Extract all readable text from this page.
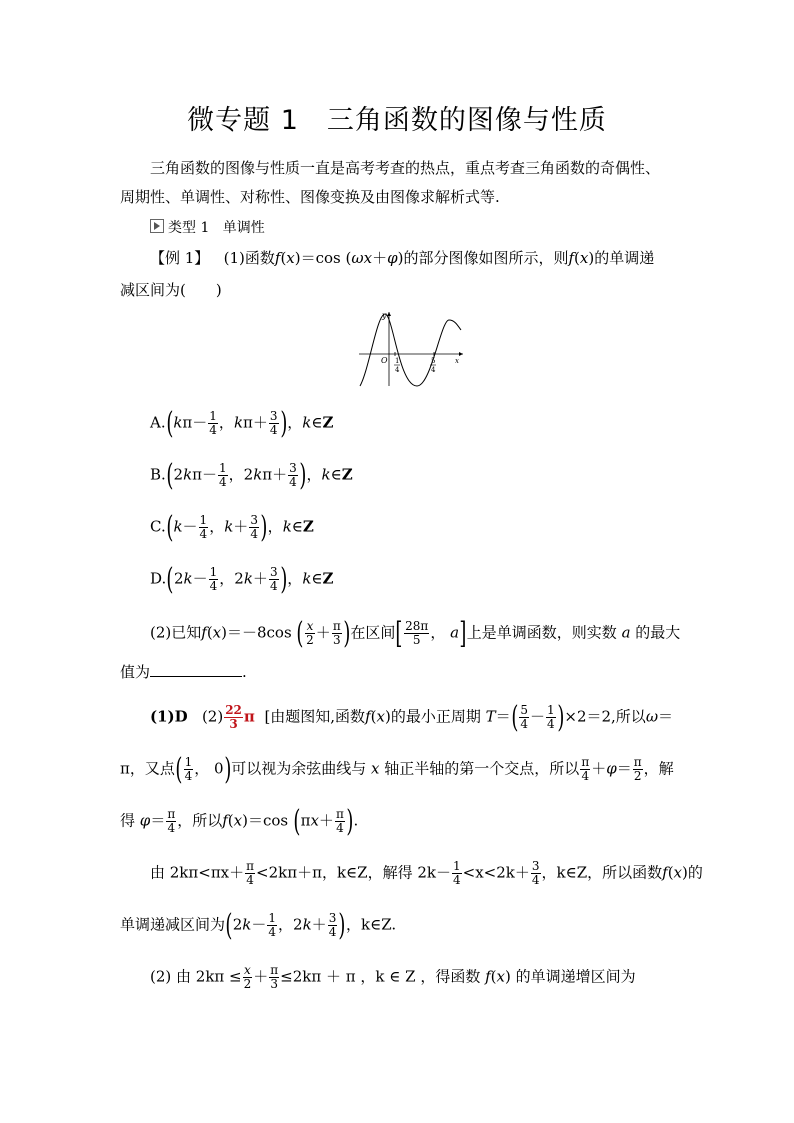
微专题 1 三角函数的图像与性质
三角函数的图像与性质一直是高考考查的热点，重点考查三角函数的奇偶性、
周期性、单调性、对称性、图像变换及由图像求解析式等.
类型 1 单调性
【例 1】 (1)函数f(x)＝cos (ωx＋φ)的部分图像如图所示，则f(x)的单调递
减区间为(　　)
O
y
x
1
4
5
4
$A.(k\pi- \frac{1}{4}$ ，$k\pi+ \frac{3}{4}$ )，k∈Z
$B.(2k\pi- \frac{1}{4}$ ，$2k\pi+ \frac{3}{4}$ )，k∈Z
$C.(k- \frac{1}{4}$ ，$k+ \frac{3}{4}$ )，k∈Z
$D.(2k- \frac{1}{4}$ ，$2k+ \frac{3}{4}$ )，k∈Z
(2)已知f(x)＝－8cos ( $\frac{x}{2} + \frac{\pi}{3}$ )在区间[ $\frac{28\pi}{5}$ ， a]上是单调函数，则实数 a 的最大
值为	.
(1)D $(2) \frac{22}{3}$ π [由题图知,函数f(x)的最小正周期 $T=( \frac{5}{4} - \frac{1}{4} )\times 2=2$,所以ω＝
π，又点( $\frac{1}{4}$ ， 0)可以视为余弦曲线与 x 轴正半轴的第一个交点，所以 $\frac{\pi}{4} +\varphi= \frac{\pi}{2}$ ，解
得 $\varphi= \frac{\pi}{4}$ ，所以f(x)＝cos ($\pi x+ \frac{\pi}{4}$ ).
由 $2k\pi<\pi x+ \frac{\pi}{4} <2k\pi+\pi$，k∈Z，解得 $2k- \frac{1}{4} <x<2k+ \frac{3}{4}$ ，k∈Z，所以函数f(x)的
单调递减区间为($2k- \frac{1}{4}$ ，$2k+ \frac{3}{4}$ )，k∈Z.
(2) 由 $2k\pi \le \frac{x}{2} + \frac{\pi}{3} \le 2k\pi + \pi$ ，k ∈ Z ，得函数 f(x) 的单调递增区间为
